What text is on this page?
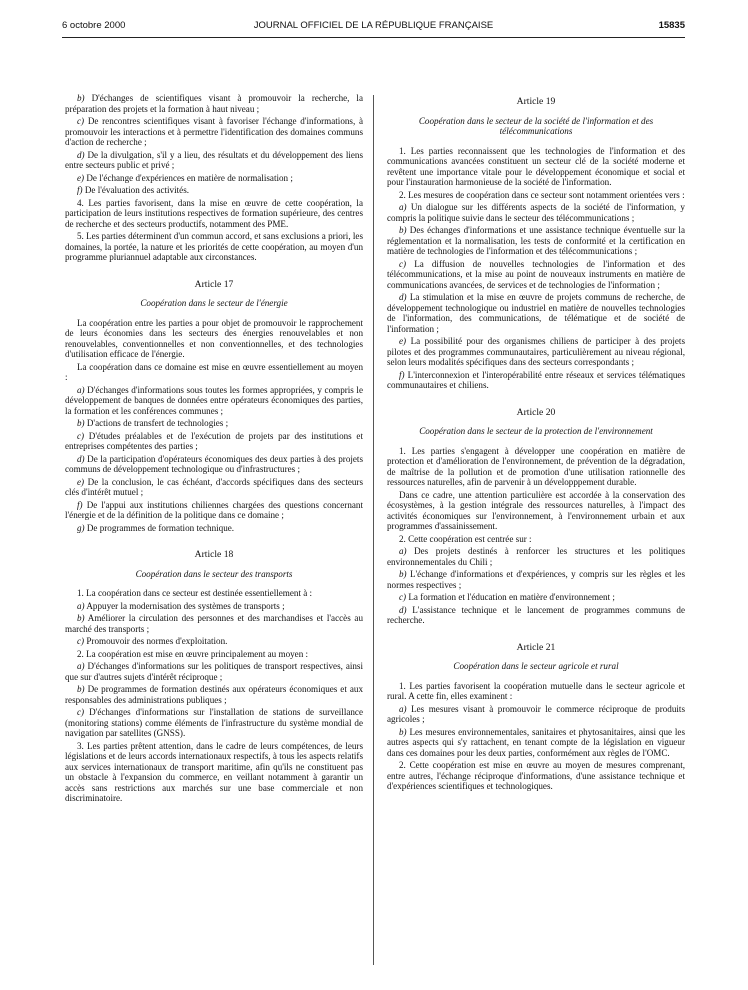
6 octobre 2000	JOURNAL OFFICIEL DE LA RÉPUBLIQUE FRANÇAISE	15835

b) D'échanges de scientifiques visant à promouvoir la recherche, la préparation des projets et la formation à haut niveau ;

c) De rencontres scientifiques visant à favoriser l'échange d'informations, à promouvoir les interactions et à permettre l'identification des domaines communs d'action de recherche ;

d) De la divulgation, s'il y a lieu, des résultats et du développement des liens entre secteurs public et privé ;

e) De l'échange d'expériences en matière de normalisation ;

f) De l'évaluation des activités.

4. Les parties favorisent, dans la mise en œuvre de cette coopération, la participation de leurs institutions respectives de formation supérieure, des centres de recherche et des secteurs productifs, notamment des PME.

5. Les parties déterminent d'un commun accord, et sans exclusions a priori, les domaines, la portée, la nature et les priorités de cette coopération, au moyen d'un programme pluriannuel adaptable aux circonstances.

Article 17
Coopération dans le secteur de l'énergie

La coopération entre les parties a pour objet de promouvoir le rapprochement de leurs économies dans les secteurs des énergies renouvelables et non renouvelables, conventionnelles et non conventionnelles, et des technologies d'utilisation efficace de l'énergie.

La coopération dans ce domaine est mise en œuvre essentiellement au moyen :

a) D'échanges d'informations sous toutes les formes appropriées, y compris le développement de banques de données entre opérateurs économiques des parties, la formation et les conférences communes ;

b) D'actions de transfert de technologies ;

c) D'études préalables et de l'exécution de projets par des institutions et entreprises compétentes des parties ;

d) De la participation d'opérateurs économiques des deux parties à des projets communs de développement technologique ou d'infrastructures ;

e) De la conclusion, le cas échéant, d'accords spécifiques dans des secteurs clés d'intérêt mutuel ;

f) De l'appui aux institutions chiliennes chargées des questions concernant l'énergie et de la définition de la politique dans ce domaine ;

g) De programmes de formation technique.

Article 18
Coopération dans le secteur des transports

1. La coopération dans ce secteur est destinée essentiellement à :

a) Appuyer la modernisation des systèmes de transports ;

b) Améliorer la circulation des personnes et des marchandises et l'accès au marché des transports ;

c) Promouvoir des normes d'exploitation.

2. La coopération est mise en œuvre principalement au moyen :

a) D'échanges d'informations sur les politiques de transport respectives, ainsi que sur d'autres sujets d'intérêt réciproque ;

b) De programmes de formation destinés aux opérateurs économiques et aux responsables des administrations publiques ;

c) D'échanges d'informations sur l'installation de stations de surveillance (monitoring stations) comme éléments de l'infrastructure du système mondial de navigation par satellites (GNSS).

3. Les parties prêtent attention, dans le cadre de leurs compétences, de leurs législations et de leurs accords internationaux respectifs, à tous les aspects relatifs aux services internationaux de transport maritime, afin qu'ils ne constituent pas un obstacle à l'expansion du commerce, en veillant notamment à garantir un accès sans restrictions aux marchés sur une base commerciale et non discriminatoire.

Article 19
Coopération dans le secteur de la société de l'information et des télécommunications

1. Les parties reconnaissent que les technologies de l'information et des communications avancées constituent un secteur clé de la société moderne et revêtent une importance vitale pour le développement économique et social et pour l'instauration harmonieuse de la société de l'information.

2. Les mesures de coopération dans ce secteur sont notamment orientées vers :

a) Un dialogue sur les différents aspects de la société de l'information, y compris la politique suivie dans le secteur des télécommunications ;

b) Des échanges d'informations et une assistance technique éventuelle sur la réglementation et la normalisation, les tests de conformité et la certification en matière de technologies de l'information et des télécommunications ;

c) La diffusion de nouvelles technologies de l'information et des télécommunications, et la mise au point de nouveaux instruments en matière de communications avancées, de services et de technologies de l'information ;

d) La stimulation et la mise en œuvre de projets communs de recherche, de développement technologique ou industriel en matière de nouvelles technologies de l'information, des communications, de télématique et de société de l'information ;

e) La possibilité pour des organismes chiliens de participer à des projets pilotes et des programmes communautaires, particulièrement au niveau régional, selon leurs modalités spécifiques dans des secteurs correspondants ;

f) L'interconnexion et l'interopérabilité entre réseaux et services télématiques communautaires et chiliens.

Article 20
Coopération dans le secteur de la protection de l'environnement

1. Les parties s'engagent à développer une coopération en matière de protection et d'amélioration de l'environnement, de prévention de la dégradation, de maîtrise de la pollution et de promotion d'une utilisation rationnelle des ressources naturelles, afin de parvenir à un développpement durable.

Dans ce cadre, une attention particulière est accordée à la conservation des écosystèmes, à la gestion intégrale des ressources naturelles, à l'impact des activités économiques sur l'environnement, à l'environnement urbain et aux programmes d'assainissement.

2. Cette coopération est centrée sur :

a) Des projets destinés à renforcer les structures et les politiques environnementales du Chili ;

b) L'échange d'informations et d'expériences, y compris sur les règles et les normes respectives ;

c) La formation et l'éducation en matière d'environnement ;

d) L'assistance technique et le lancement de programmes communs de recherche.

Article 21
Coopération dans le secteur agricole et rural

1. Les parties favorisent la coopération mutuelle dans le secteur agricole et rural. A cette fin, elles examinent :

a) Les mesures visant à promouvoir le commerce réciproque de produits agricoles ;

b) Les mesures environnementales, sanitaires et phytosanitaires, ainsi que les autres aspects qui s'y rattachent, en tenant compte de la législation en vigueur dans ces domaines pour les deux parties, conformément aux règles de l'OMC.

2. Cette coopération est mise en œuvre au moyen de mesures comprenant, entre autres, l'échange réciproque d'informations, d'une assistance technique et d'expériences scientifiques et technologiques.
